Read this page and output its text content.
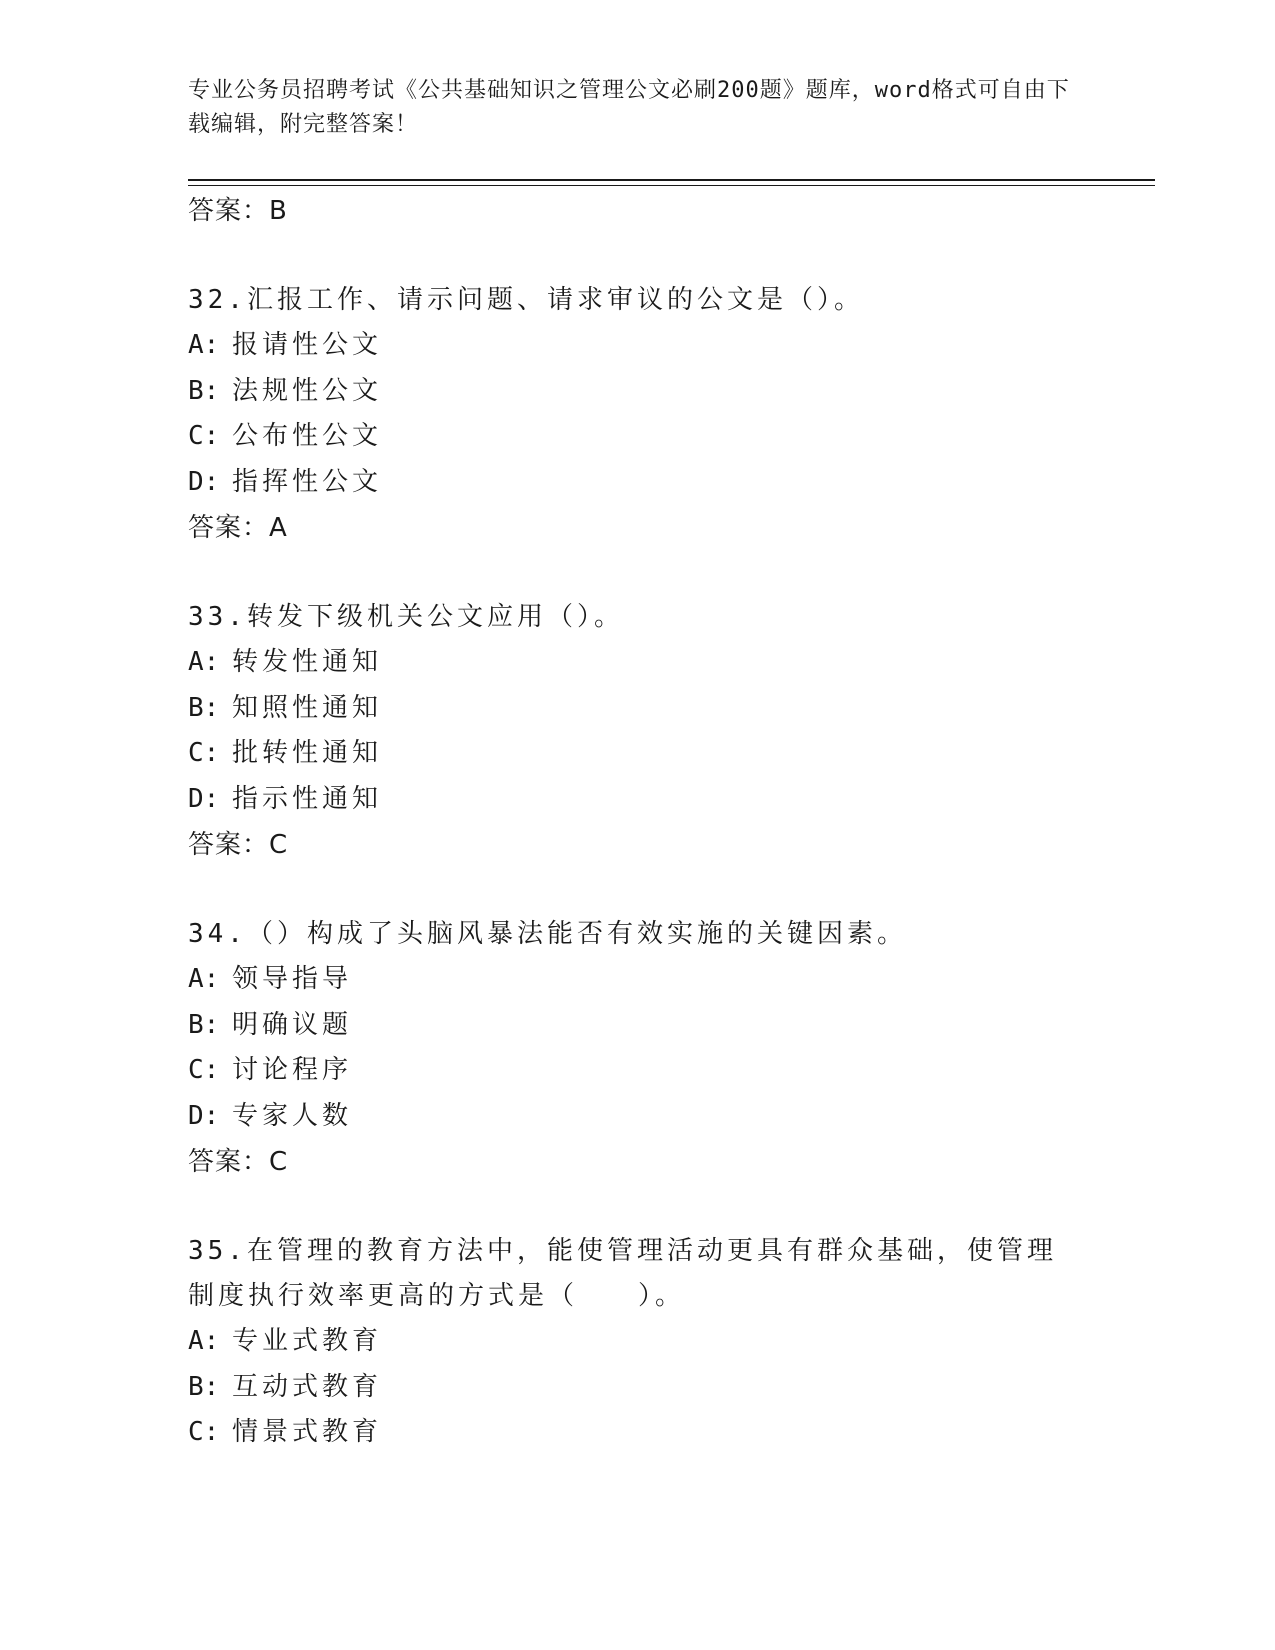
专业公务员招聘考试《公共基础知识之管理公文必刷200题》题库，word格式可自由下载编辑，附完整答案！
答案：B
32.汇报工作、请示问题、请求审议的公文是（）。
A: 报请性公文
B: 法规性公文
C: 公布性公文
D: 指挥性公文
答案：A
33.转发下级机关公文应用（）。
A: 转发性通知
B: 知照性通知
C: 批转性通知
D: 指示性通知
答案：C
34.（）构成了头脑风暴法能否有效实施的关键因素。
A: 领导指导
B: 明确议题
C: 讨论程序
D: 专家人数
答案：C
35.在管理的教育方法中，能使管理活动更具有群众基础，使管理制度执行效率更高的方式是（　　）。
A: 专业式教育
B: 互动式教育
C: 情景式教育
